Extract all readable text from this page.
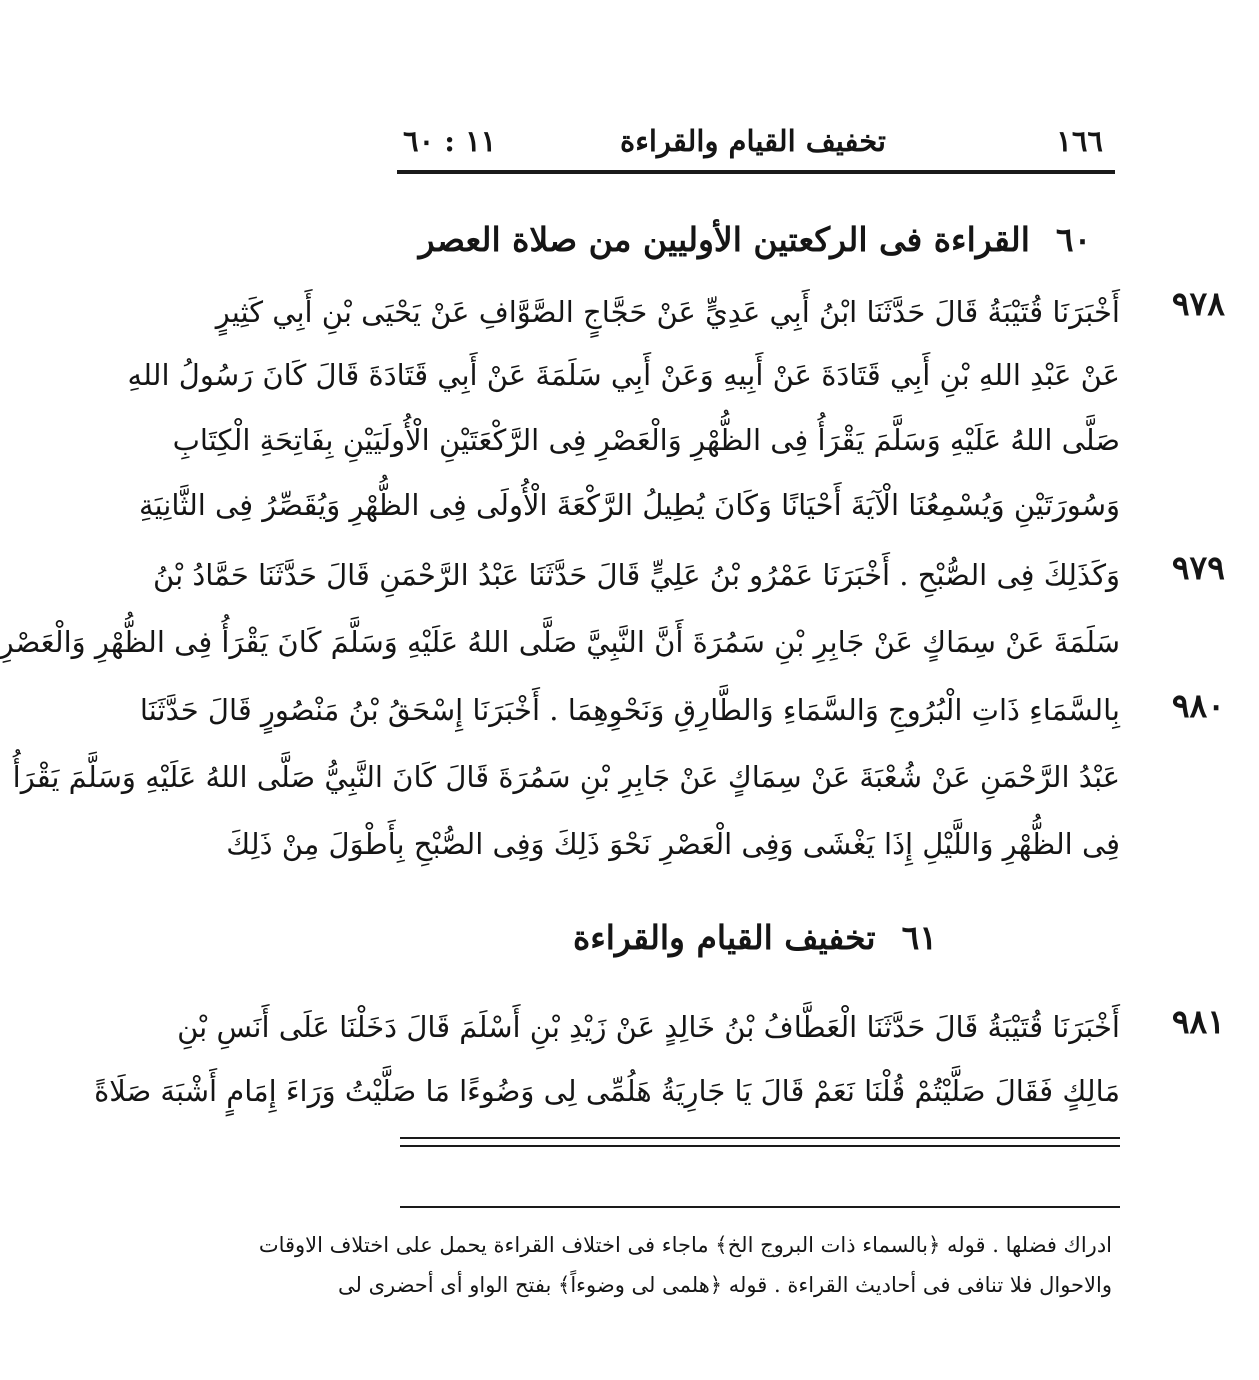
١٦٦
تخفيف القيام والقراءة
١١ : ٦٠
٦٠القراءة فى الركعتين الأوليين من صلاة العصر
٩٧٨
أَخْبَرَنَا قُتَيْبَةُ قَالَ حَدَّثَنَا ابْنُ أَبِي عَدِيٍّ عَنْ حَجَّاجٍ الصَّوَّافِ عَنْ يَحْيَى بْنِ أَبِي كَثِيرٍ
عَنْ عَبْدِ اللهِ بْنِ أَبِي قَتَادَةَ عَنْ أَبِيهِ وَعَنْ أَبِي سَلَمَةَ عَنْ أَبِي قَتَادَةَ قَالَ كَانَ رَسُولُ اللهِ
صَلَّى اللهُ عَلَيْهِ وَسَلَّمَ يَقْرَأُ فِى الظُّهْرِ وَالْعَصْرِ فِى الرَّكْعَتَيْنِ الْأُولَيَيْنِ بِفَاتِحَةِ الْكِتَابِ
وَسُورَتَيْنِ وَيُسْمِعُنَا الْآيَةَ أَحْيَانًا وَكَانَ يُطِيلُ الرَّكْعَةَ الْأُولَى فِى الظُّهْرِ وَيُقَصِّرُ فِى الثَّانِيَةِ
٩٧٩
وَكَذَلِكَ فِى الصُّبْحِ . أَخْبَرَنَا عَمْرُو بْنُ عَلِيٍّ قَالَ حَدَّثَنَا عَبْدُ الرَّحْمَنِ قَالَ حَدَّثَنَا حَمَّادُ بْنُ
سَلَمَةَ عَنْ سِمَاكٍ عَنْ جَابِرِ بْنِ سَمُرَةَ أَنَّ النَّبِيَّ صَلَّى اللهُ عَلَيْهِ وَسَلَّمَ كَانَ يَقْرَأُ فِى الظُّهْرِ وَالْعَصْرِ
٩٨٠
بِالسَّمَاءِ ذَاتِ الْبُرُوجِ وَالسَّمَاءِ وَالطَّارِقِ وَنَحْوِهِمَا . أَخْبَرَنَا إِسْحَقُ بْنُ مَنْصُورٍ قَالَ حَدَّثَنَا
عَبْدُ الرَّحْمَنِ عَنْ شُعْبَةَ عَنْ سِمَاكٍ عَنْ جَابِرِ بْنِ سَمُرَةَ قَالَ كَانَ النَّبِيُّ صَلَّى اللهُ عَلَيْهِ وَسَلَّمَ يَقْرَأُ
فِى الظُّهْرِ وَاللَّيْلِ إِذَا يَغْشَى وَفِى الْعَصْرِ نَحْوَ ذَلِكَ وَفِى الصُّبْحِ بِأَطْوَلَ مِنْ ذَلِكَ
٦١تخفيف القيام والقراءة
٩٨١
أَخْبَرَنَا قُتَيْبَةُ قَالَ حَدَّثَنَا الْعَطَّافُ بْنُ خَالِدٍ عَنْ زَيْدِ بْنِ أَسْلَمَ قَالَ دَخَلْنَا عَلَى أَنَسِ بْنِ
مَالِكٍ فَقَالَ صَلَّيْتُمْ قُلْنَا نَعَمْ قَالَ يَا جَارِيَةُ هَلُمِّى لِى وَضُوءًا مَا صَلَّيْتُ وَرَاءَ إِمَامٍ أَشْبَهَ صَلَاةً
ادراك فضلها . قوله ﴿بالسماء ذات البروج الخ﴾ ماجاء فى اختلاف القراءة يحمل على اختلاف الاوقات
والاحوال فلا تنافى فى أحاديث القراءة . قوله ﴿هلمى لى وضوءاً﴾ بفتح الواو أى أحضرى لى
